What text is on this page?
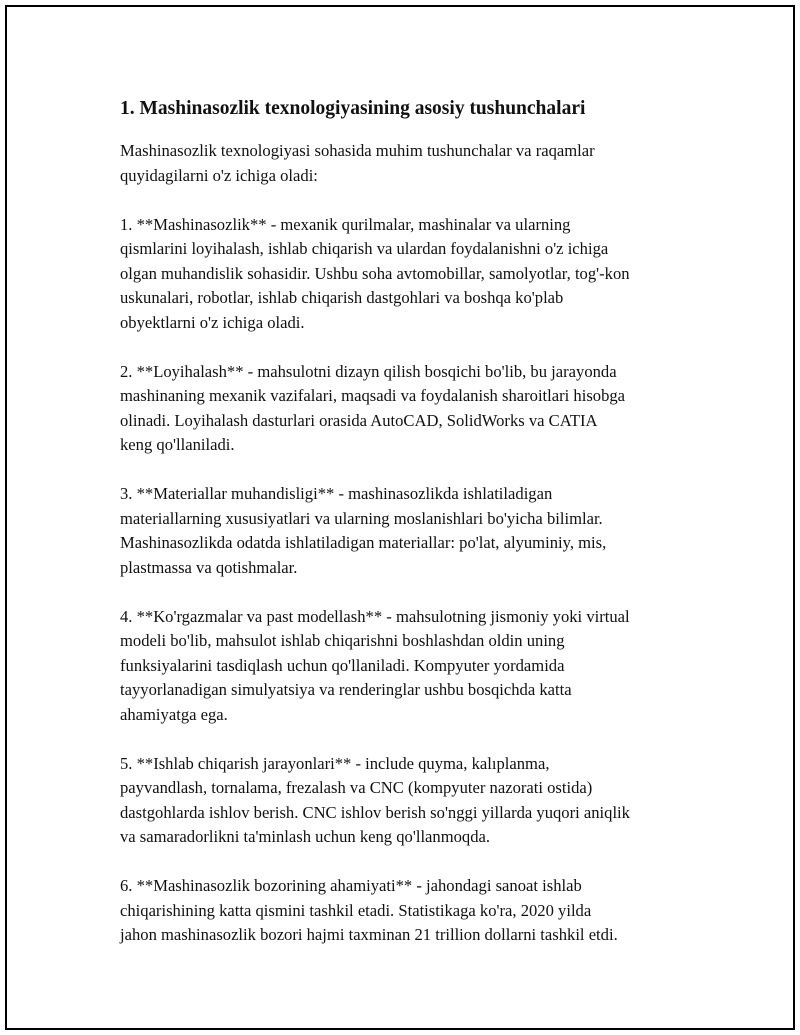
1. Mashinasozlik texnologiyasining asosiy tushunchalari
Mashinasozlik texnologiyasi sohasida muhim tushunchalar va raqamlar
quyidagilarni o'z ichiga oladi:
1. **Mashinasozlik** - mexanik qurilmalar, mashinalar va ularning
qismlarini loyihalash, ishlab chiqarish va ulardan foydalanishni o'z ichiga
olgan muhandislik sohasidir. Ushbu soha avtomobillar, samolyotlar, tog'-kon
uskunalari, robotlar, ishlab chiqarish dastgohlari va boshqa ko'plab
obyektlarni o'z ichiga oladi.
2. **Loyihalash** - mahsulotni dizayn qilish bosqichi bo'lib, bu jarayonda
mashinaning mexanik vazifalari, maqsadi va foydalanish sharoitlari hisobga
olinadi. Loyihalash dasturlari orasida AutoCAD, SolidWorks va CATIA
keng qo'llaniladi.
3. **Materiallar muhandisligi** - mashinasozlikda ishlatiladigan
materiallarning xususiyatlari va ularning moslanishlari bo'yicha bilimlar.
Mashinasozlikda odatda ishlatiladigan materiallar: po'lat, alyuminiy, mis,
plastmassa va qotishmalar.
4. **Ko'rgazmalar va past modellash** - mahsulotning jismoniy yoki virtual
modeli bo'lib, mahsulot ishlab chiqarishni boshlashdan oldin uning
funksiyalarini tasdiqlash uchun qo'llaniladi. Kompyuter yordamida
tayyorlanadigan simulyatsiya va renderinglar ushbu bosqichda katta
ahamiyatga ega.
5. **Ishlab chiqarish jarayonlari** - include quyma, kalıplanma,
payvandlash, tornalama, frezalash va CNC (kompyuter nazorati ostida)
dastgohlarda ishlov berish. CNC ishlov berish so'nggi yillarda yuqori aniqlik
va samaradorlikni ta'minlash uchun keng qo'llanmoqda.
6. **Mashinasozlik bozorining ahamiyati** - jahondagi sanoat ishlab
chiqarishining katta qismini tashkil etadi. Statistikaga ko'ra, 2020 yilda
jahon mashinasozlik bozori hajmi taxminan 21 trillion dollarni tashkil etdi.
